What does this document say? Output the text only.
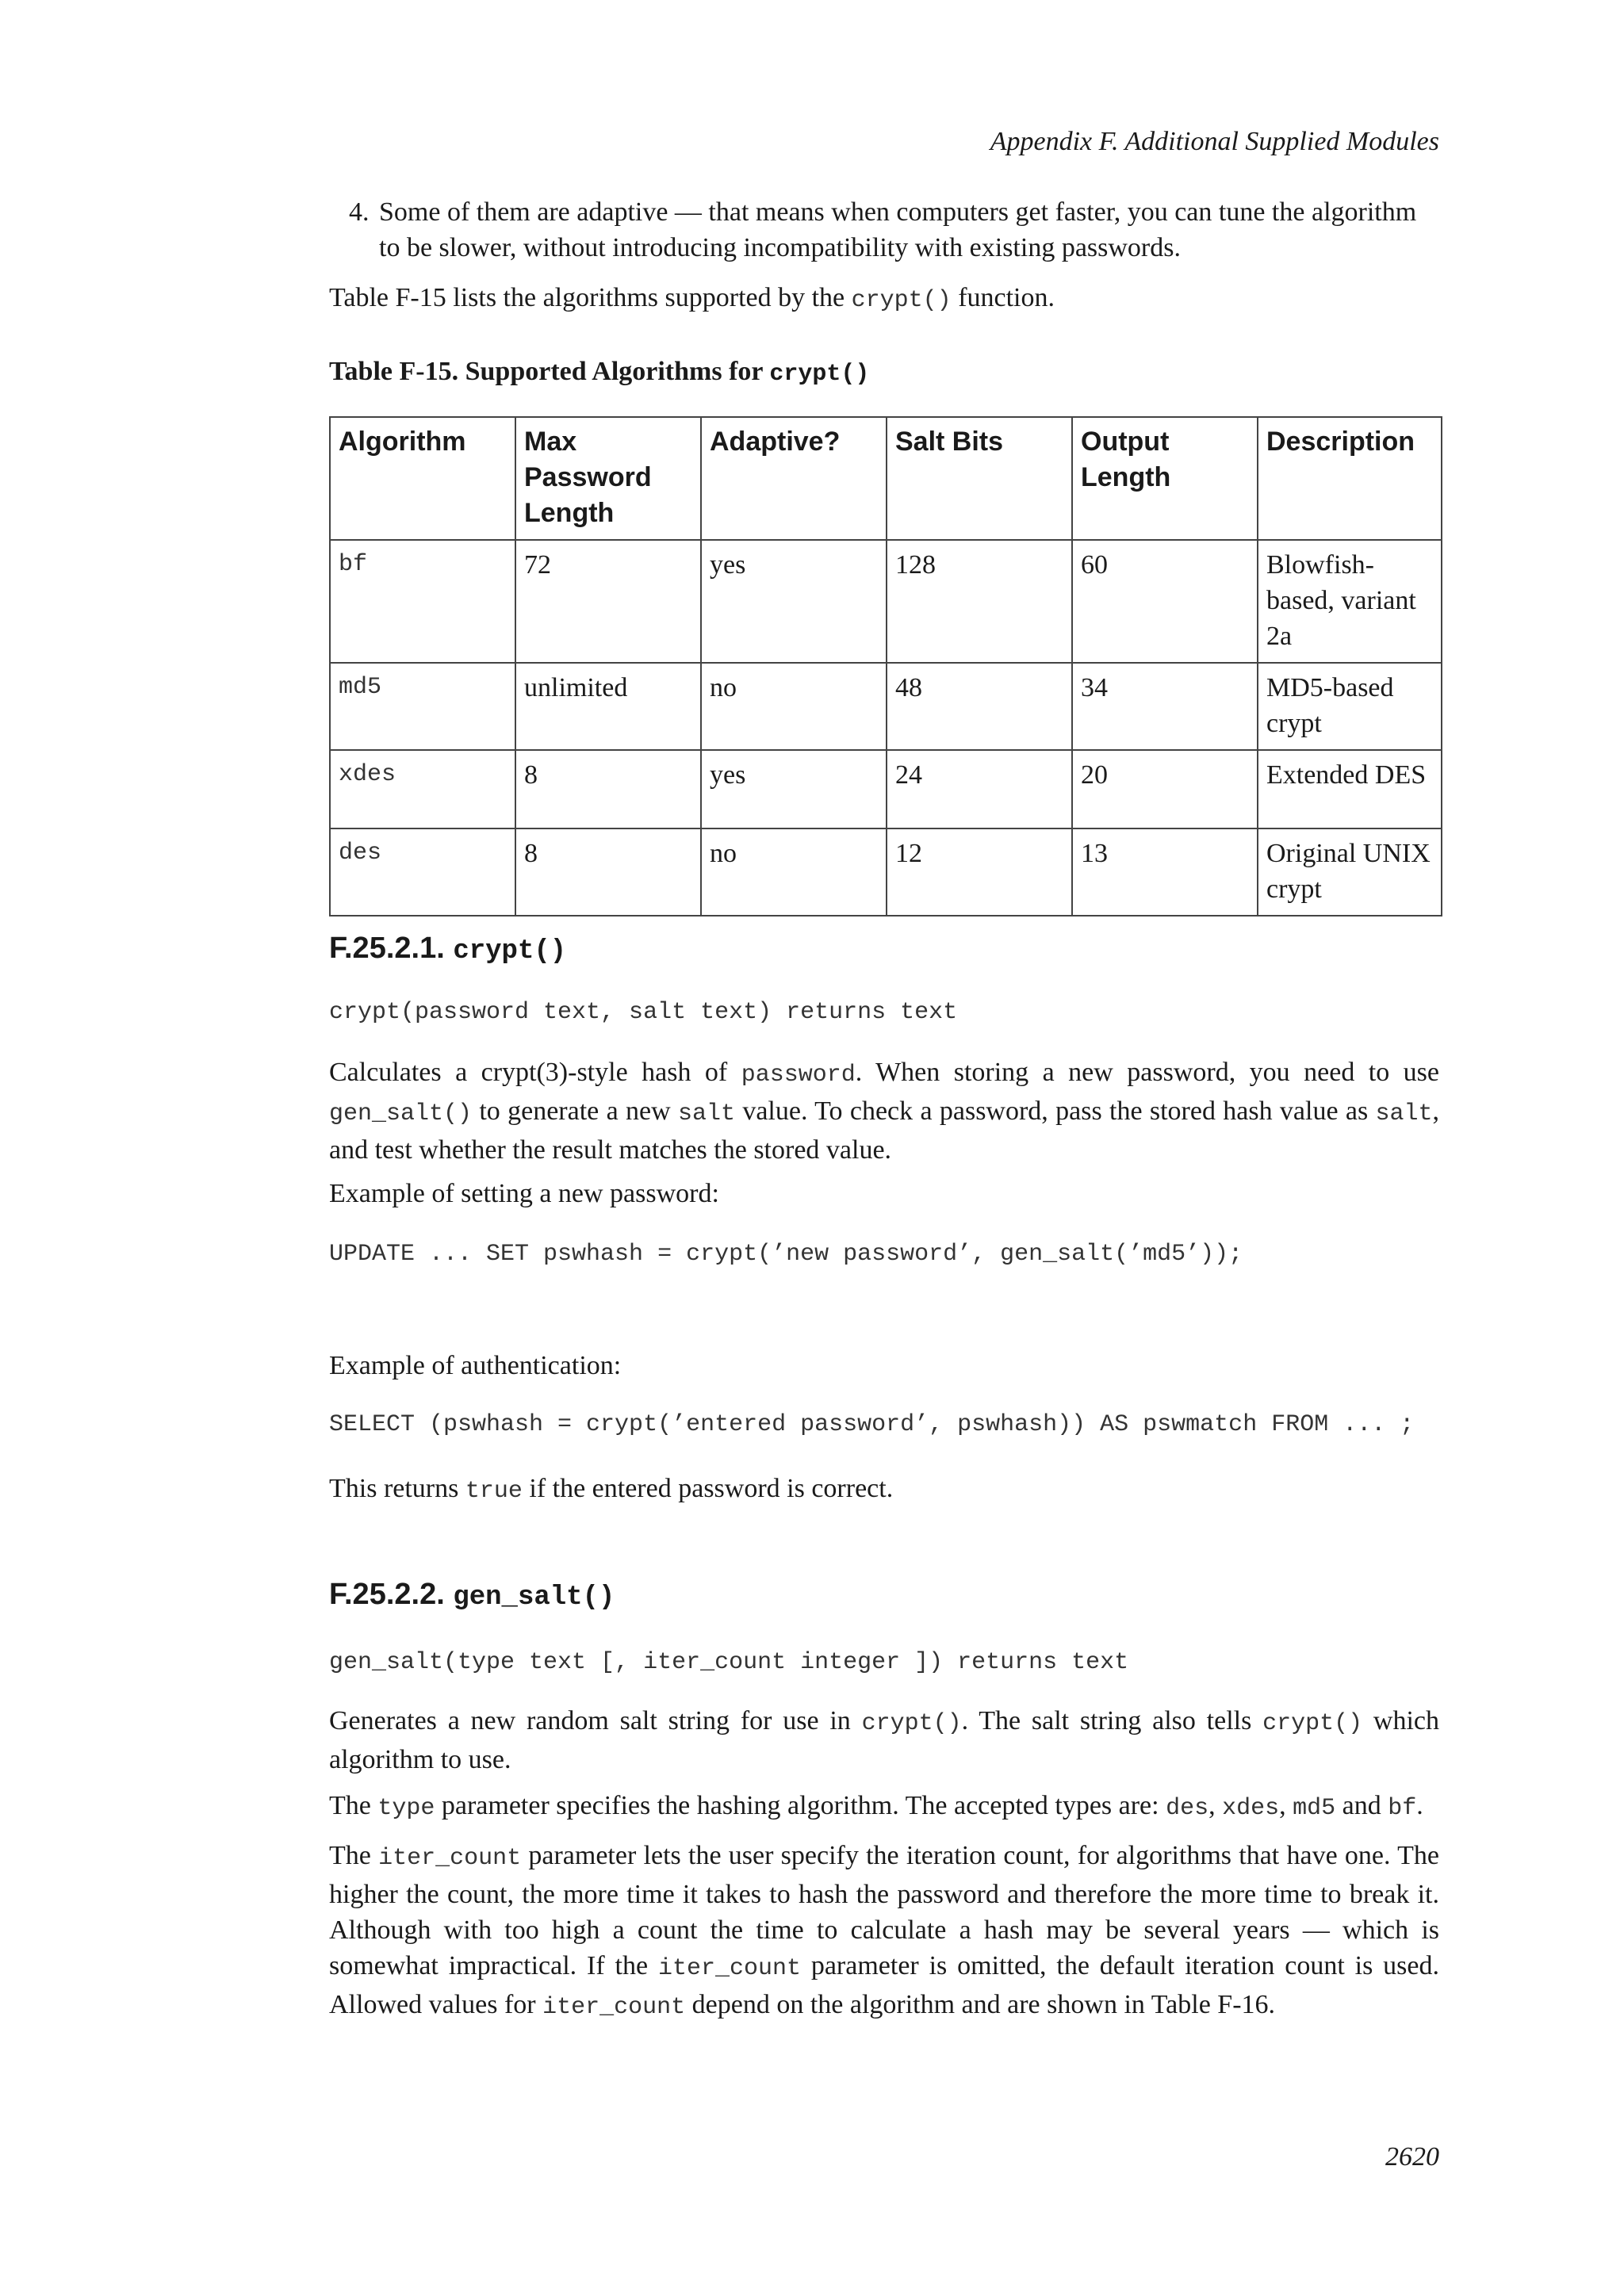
Appendix F. Additional Supplied Modules
4. Some of them are adaptive — that means when computers get faster, you can tune the algorithm to be slower, without introducing incompatibility with existing passwords.
Table F-15 lists the algorithms supported by the crypt() function.
Table F-15. Supported Algorithms for crypt()
Algorithm	Max Password Length	Adaptive?	Salt Bits	Output Length	Description
bf	72	yes	128	60	Blowfish-based, variant 2a
md5	unlimited	no	48	34	MD5-based crypt
xdes	8	yes	24	20	Extended DES
des	8	no	12	13	Original UNIX crypt
F.25.2.1. crypt()
crypt(password text, salt text) returns text
Calculates a crypt(3)-style hash of password. When storing a new password, you need to use gen_salt() to generate a new salt value. To check a password, pass the stored hash value as salt, and test whether the result matches the stored value.
Example of setting a new password:
UPDATE ... SET pswhash = crypt(’new password’, gen_salt(’md5’));
Example of authentication:
SELECT (pswhash = crypt(’entered password’, pswhash)) AS pswmatch FROM ... ;
This returns true if the entered password is correct.
F.25.2.2. gen_salt()
gen_salt(type text [, iter_count integer ]) returns text
Generates a new random salt string for use in crypt(). The salt string also tells crypt() which algorithm to use.
The type parameter specifies the hashing algorithm. The accepted types are: des, xdes, md5 and bf.
The iter_count parameter lets the user specify the iteration count, for algorithms that have one. The higher the count, the more time it takes to hash the password and therefore the more time to break it. Although with too high a count the time to calculate a hash may be several years — which is somewhat impractical. If the iter_count parameter is omitted, the default iteration count is used. Allowed values for iter_count depend on the algorithm and are shown in Table F-16.
2620
